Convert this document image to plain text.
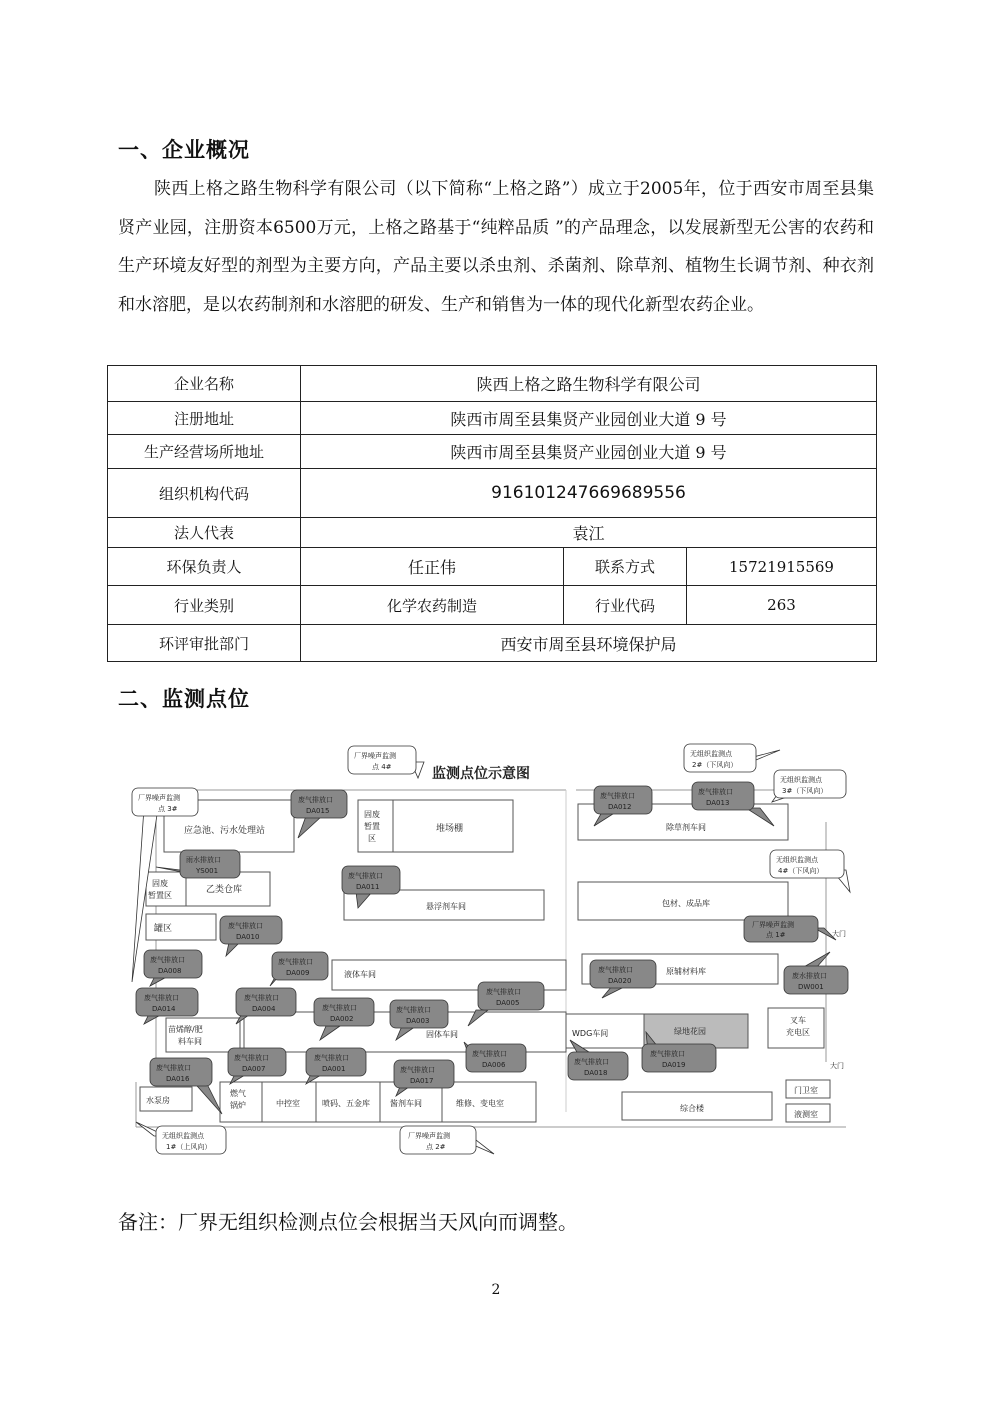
一、企业概况
陕西上格之路生物科学有限公司（以下简称“上格之路”）成立于2005年，位于西安市周至县集贤产业园，注册资本6500万元，上格之路基于“纯粹品质 ”的产品理念，以发展新型无公害的农药和生产环境友好型的剂型为主要方向，产品主要以杀虫剂、杀菌剂、除草剂、植物生长调节剂、种衣剂和水溶肥，是以农药制剂和水溶肥的研发、生产和销售为一体的现代化新型农药企业。
企业名称	陕西上格之路生物科学有限公司		
注册地址	陕西市周至县集贤产业园创业大道 9 号		
生产经营场所地址	陕西市周至县集贤产业园创业大道 9 号		
组织机构代码	916101247669689556		
法人代表	袁江		
环保负责人	任正伟	联系方式	15721915569
行业类别	化学农药制造	行业代码	263
环评审批部门	西安市周至县环境保护局		
二、监测点位
应急池、污水处理站
固废
暂置
区
堆场棚
固废
暂置区
乙类仓库
悬浮剂车间
罐区
液体车间
苗烯醇/肥
料车间
固体车间
水泵房
燃气
锅炉	中控室	喷码、五金库	酱剂车间	维修、变电室
除草剂车间
包材、成品库
原辅材料库
WDG车间	绿地花园
叉车
充电区
综合楼
门卫室
液测室
大门
大门
监测点位示意图
厂界噪声监测
点 4#
厂界噪声监测
点 3#
废气排放口
DA015
雨水排放口
YS001
废气排放口
DA011
废气排放口
DA010
废气排放口
DA008
废气排放口
DA009
废气排放口
DA014
废气排放口
DA004	废气排放口
DA002
废气排放口
DA003
废气排放口
DA005
废气排放口
DA006
废气排放口
DA007
废气排放口
DA001
废气排放口
DA016
废气排放口
DA017
无组织监测点
1#（上风向）
厂界噪声监测
点 2#
无组织监测点
2#（下风向）
无组织监测点
3#（下风向）
废气排放口
DA012
废气排放口
DA013
无组织监测点
4#（下风向）
厂界噪声监测
点 1#
废气排放口
DA020
废水排放口
DW001
废气排放口
DA018
废气排放口
DA019
备注：厂界无组织检测点位会根据当天风向而调整。
2
